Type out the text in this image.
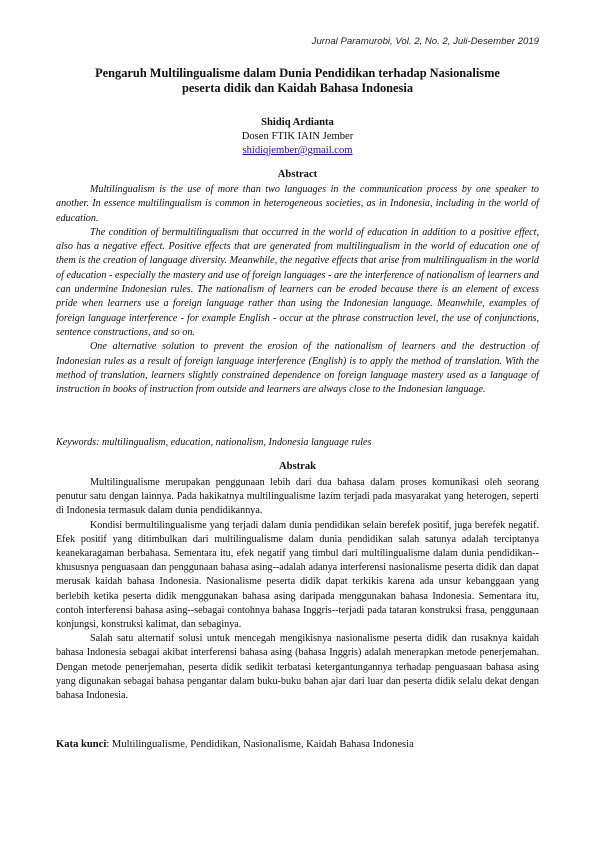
Jurnal Paramurobi, Vol. 2, No. 2, Juli-Desember 2019
Pengaruh Multilingualisme dalam Dunia Pendidikan terhadap Nasionalisme
peserta didik dan Kaidah Bahasa Indonesia
Shidiq Ardianta
Dosen FTIK IAIN Jember
shidiqjember@gmail.com
Abstract

Multilingualism is the use of more than two languages in the communication process by one speaker to another. In essence multilingualism is common in heterogeneous societies, as in Indonesia, including in the world of education.

The condition of bermultilingualism that occurred in the world of education in addition to a positive effect, also has a negative effect. Positive effects that are generated from multilingualism in the world of education one of them is the creation of language diversity. Meanwhile, the negative effects that arise from multilingualism in the world of education - especially the mastery and use of foreign languages - are the interference of nationalism of learners and can undermine Indonesian rules. The nationalism of learners can be eroded because there is an element of excess pride when learners use a foreign language rather than using the Indonesian language. Meanwhile, examples of foreign language interference - for example English - occur at the phrase construction level, the use of conjunctions, sentence constructions, and so on.

One alternative solution to prevent the erosion of the nationalism of learners and the destruction of Indonesian rules as a result of foreign language interference (English) is to apply the method of translation. With the method of translation, learners slightly constrained dependence on foreign language mastery used as a language of instruction in books of instruction from outside and learners are always close to the Indonesian language.

Keywords: multilingualism, education, nationalism, Indonesia language rules
Abstrak

Multilingualisme merupakan penggunaan lebih dari dua bahasa dalam proses komunikasi oleh seorang penutur satu dengan lainnya. Pada hakikatnya multilingualisme lazim terjadi pada masyarakat yang heterogen, seperti di Indonesia termasuk dalam dunia pendidikannya.

Kondisi bermultilingualisme yang terjadi dalam dunia pendidikan selain berefek positif, juga berefek negatif. Efek positif yang ditimbulkan dari multilingualisme dalam dunia pendidikan salah satunya adalah terciptanya keanekaragaman berbahasa. Sementara itu, efek negatif yang timbul dari multilingualisme dalam dunia pendidikan--khususnya penguasaan dan penggunaan bahasa asing--adalah adanya interferensi nasionalisme peserta didik dan dapat merusak kaidah bahasa Indonesia. Nasionalisme peserta didik dapat terkikis karena ada unsur kebanggaan yang berlebih ketika peserta didik menggunakan bahasa asing daripada menggunakan bahasa Indonesia. Sementara itu, contoh interferensi bahasa asing--sebagai contohnya bahasa Inggris--terjadi pada tataran konstruksi frasa, penggunaan konjungsi, konstruksi kalimat, dan sebaginya.

Salah satu alternatif solusi untuk mencegah mengikisnya nasionalisme peserta didik dan rusaknya kaidah bahasa Indonesia sebagai akibat interferensi bahasa asing (bahasa Inggris) adalah menerapkan metode penerjemahan. Dengan metode penerjemahan, peserta didik sedikit terbatasi ketergantungannya terhadap penguasaan bahasa asing yang digunakan sebagai bahasa pengantar dalam buku-buku bahan ajar dari luar dan peserta didik selalu dekat dengan bahasa Indonesia.

Kata kunci: Multilingualisme, Pendidikan, Nasionalisme, Kaidah Bahasa Indonesia
